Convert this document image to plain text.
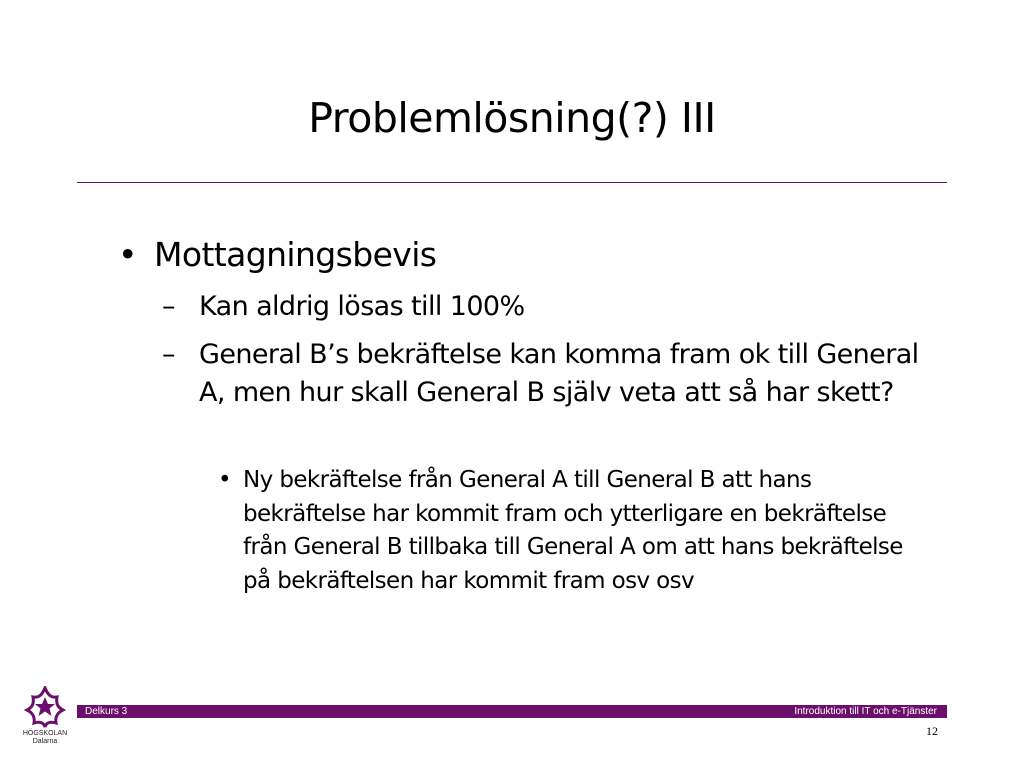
Problemlösning(?) III
• Mottagningsbevis
– Kan aldrig lösas till 100%
– General B’s bekräftelse kan komma fram ok till General A, men hur skall General B själv veta att så har skett?
• Ny bekräftelse från General A till General B att hans bekräftelse har kommit fram och ytterligare en bekräftelse från General B tillbaka till General A om att hans bekräftelse på bekräftelsen har kommit fram osv osv
HÖGSKOLAN
Dalarna
Delkurs 3	Introduktion till IT och e-Tjänster
12
